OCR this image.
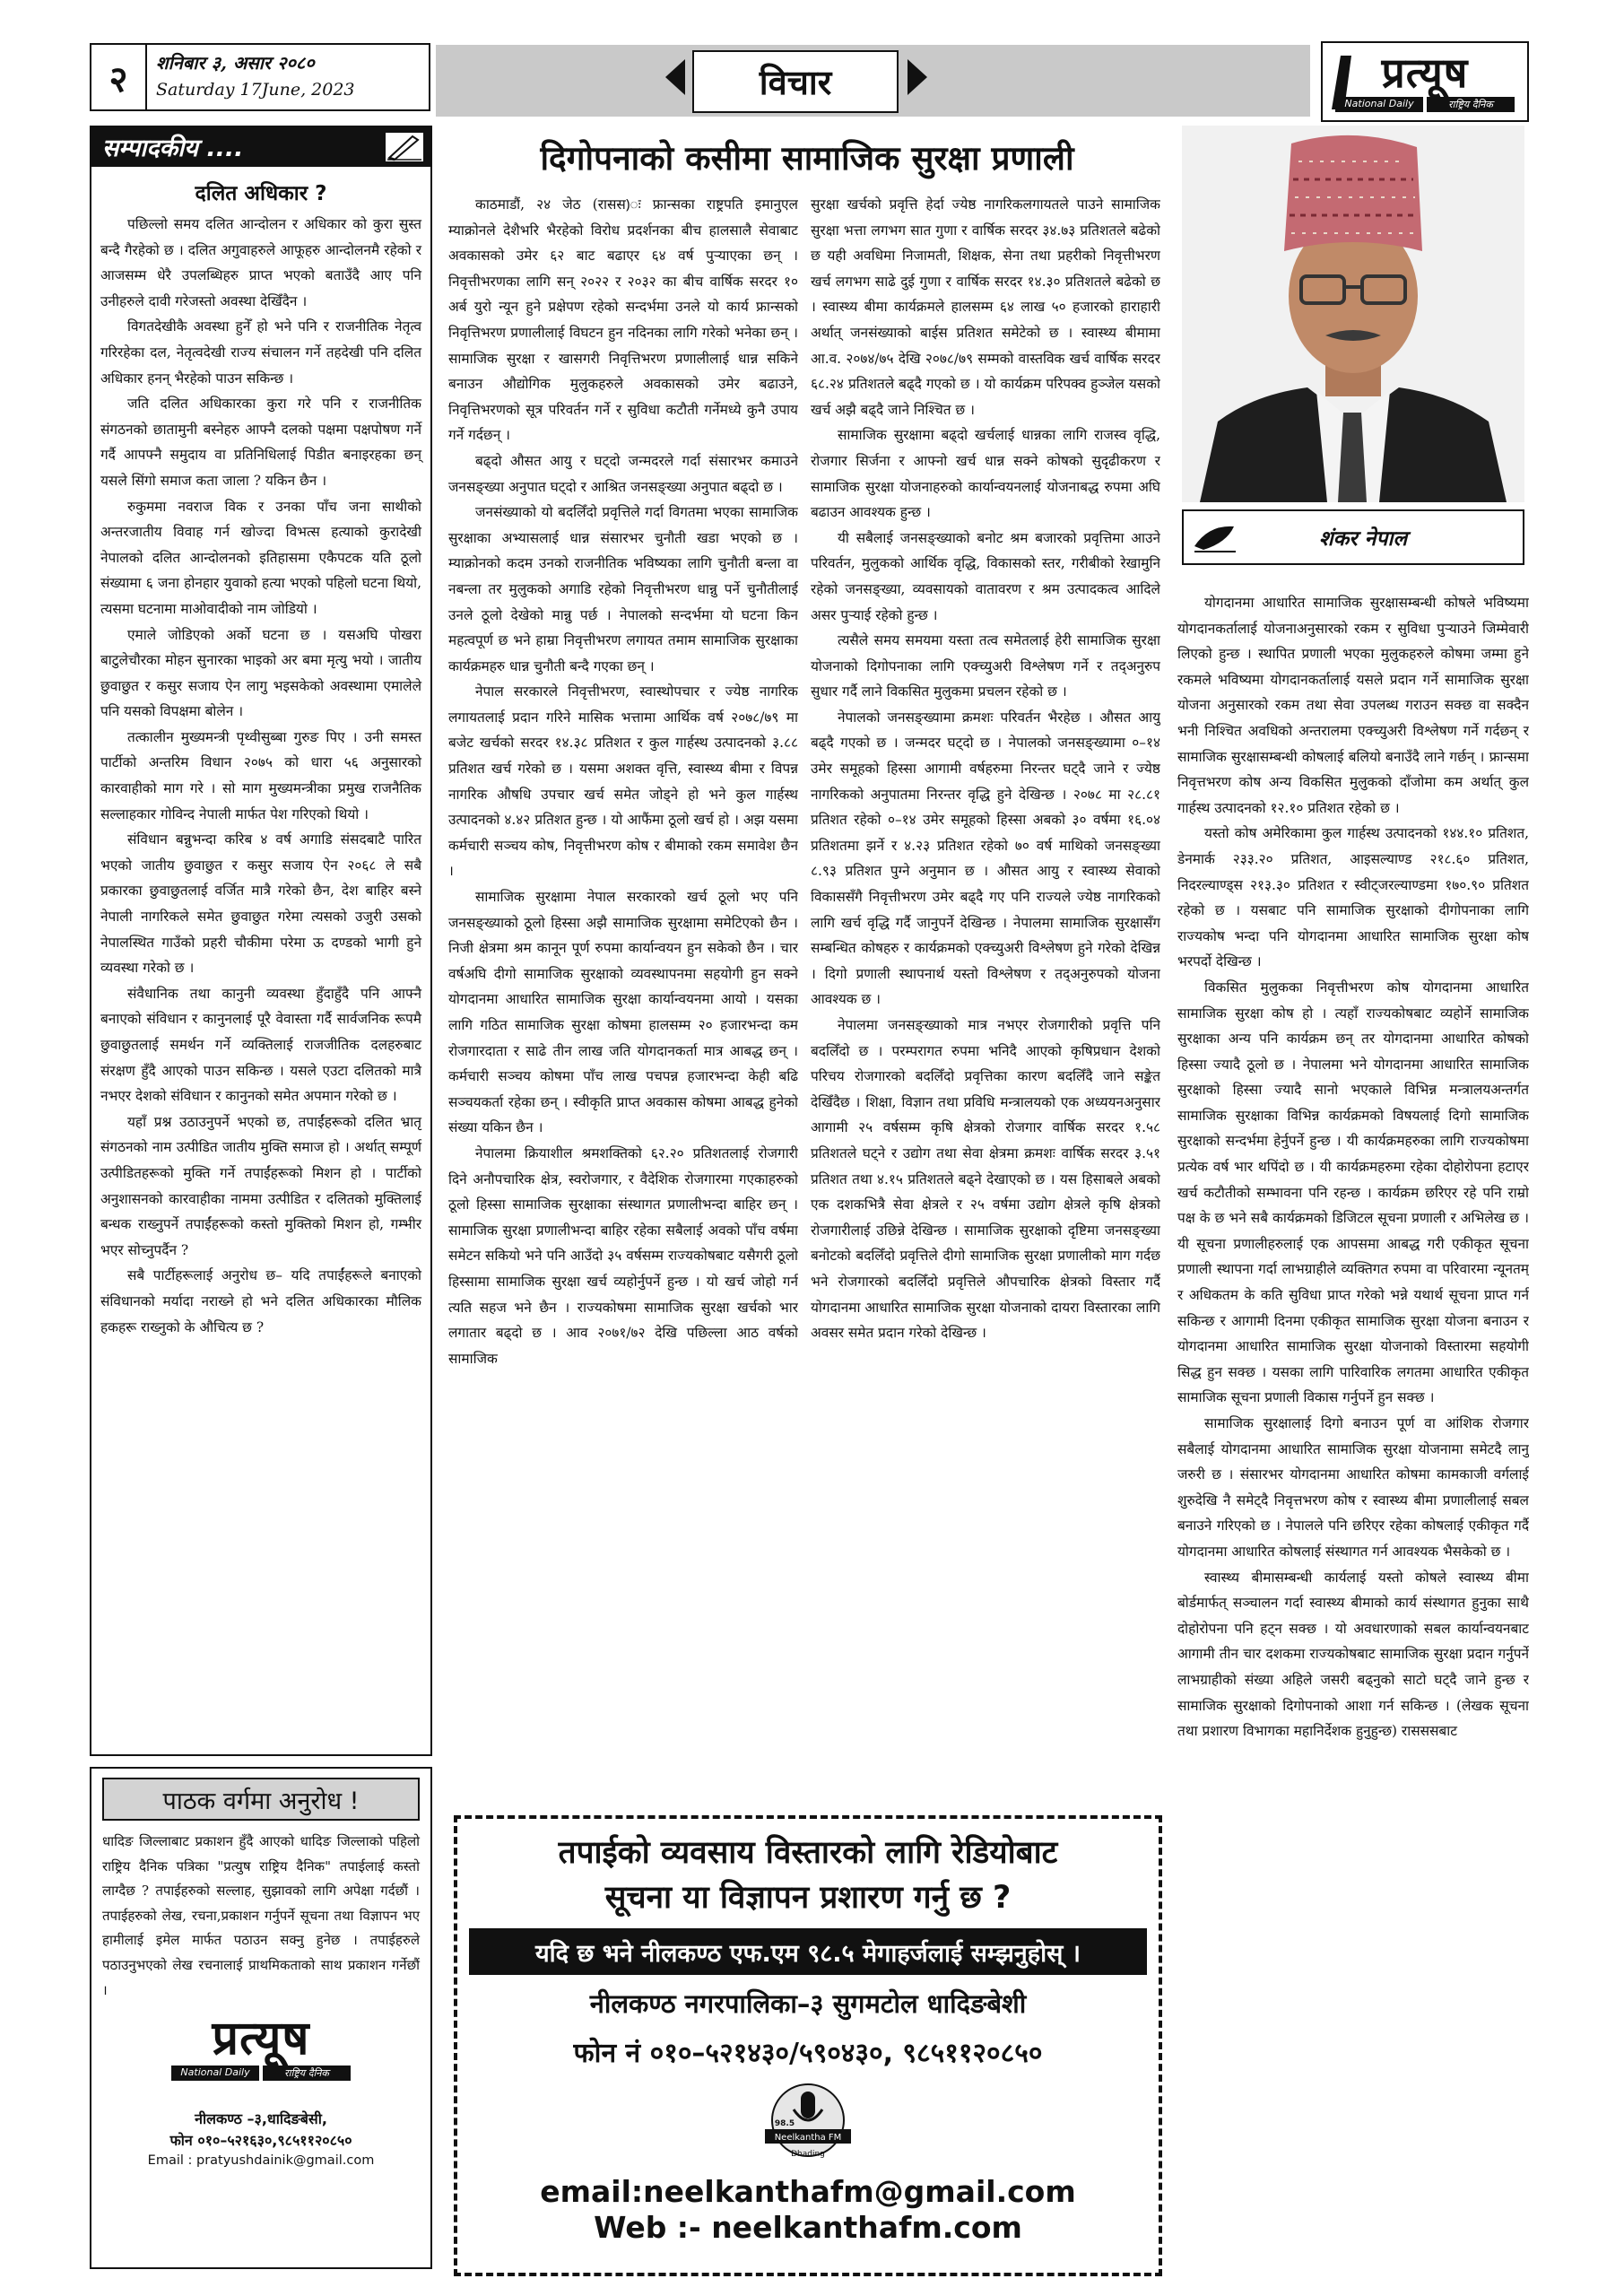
२	शनिबार ३, असार २०८०
Saturday 17June, 2023	विचार	प्रत्यूष
National Daily	राष्ट्रिय दैनिक
सम्पादकीय ....
दलित अधिकार ?

पछिल्लो समय दलित आन्दोलन र अधिकार को कुरा सुस्त बन्दै गैरहेको छ । दलित अगुवाहरुले आफूहरु आन्दोलनमै रहेको र आजसम्म धेरै उपलब्धिहरु प्राप्त भएको बताउँदै आए पनि उनीहरुले दावी गरेजस्तो अवस्था देखिँदैन ।

विगतदेखीकै अवस्था हुनेँ हो भने पनि र राजनीतिक नेतृत्व गरिरहेका दल, नेतृत्वदेखी राज्य संचालन गर्ने तहदेखी पनि दलित अधिकार हनन् भैरहेको पाउन सकिन्छ ।

जति दलित अधिकारका कुरा गरे पनि र राजनीतिक संगठनको छातामुनी बस्नेहरु आफ्नै दलको पक्षमा पक्षपोषण गर्ने गर्दै आपफ्नै समुदाय वा प्रतिनिधिलाई पिडीत बनाइरहका छन् यसले सिंगो समाज कता जाला ? यकिन छैन ।

रुकुममा नवराज विक र उनका पाँच जना साथीको अन्तरजातीय विवाह गर्न खोज्दा विभत्स हत्याको कुरादेखी नेपालको दलित आन्दोलनको इतिहासमा एकैपटक यति ठूलो संख्यामा ६ जना होनहार युवाको हत्या भएको पहिलो घटना थियो, त्यसमा घटनामा माओवादीको नाम जोडियो ।

एमाले जोडिएको अर्को घटना छ । यसअघि पोखरा बाटुलेचौरका मोहन सुनारका भाइको अर बमा मृत्यु भयो । जातीय छुवाछुत र कसुर सजाय ऐन लागु भइसकेको अवस्थामा एमालेले पनि यसको विपक्षमा बोलेन ।

तत्कालीन मुख्यमन्त्री पृथ्वीसुब्बा गुरुङ पिए । उनी समस्त पार्टीको अन्तरिम विधान २०७५ को धारा ५६ अनुसारको कारवाहीको माग गरे । सो माग मुख्यमन्त्रीका प्रमुख राजनैतिक सल्लाहकार गोविन्द नेपाली मार्फत पेश गरिएको थियो ।

संविधान बन्नुभन्दा करिब ४ वर्ष अगाडि संसदबाटै पारित भएको जातीय छुवाछुत र कसुर सजाय ऐन २०६८ ले सबै प्रकारका छुवाछुतलाई वर्जित मात्रै गरेको छैन, देश बाहिर बस्ने नेपाली नागरिकले समेत छुवाछुत गरेमा त्यसको उजुरी उसको नेपालस्थित गाउँको प्रहरी चौकीमा परेमा ऊ दण्डको भागी हुने व्यवस्था गरेको छ ।

संवैधानिक तथा कानुनी व्यवस्था हुँदाहुँदै पनि आफ्नै बनाएको संविधान र कानुनलाई पूरै वेवास्ता गर्दै सार्वजनिक रूपमै छुवाछुतलाई समर्थन गर्ने व्यक्तिलाई राजजीतिक दलहरुबाट संरक्षण हुँदै आएको पाउन सकिन्छ । यसले एउटा दलितको मात्रै नभएर देशको संविधान र कानुनको समेत अपमान गरेको छ ।

यहाँ प्रश्न उठाउनुपर्ने भएको छ, तपाईंहरूको दलित भ्रातृ संगठनको नाम उत्पीडित जातीय मुक्ति समाज हो । अर्थात् सम्पूर्ण उत्पीडितहरूको मुक्ति गर्ने तपाईंहरूको मिशन हो । पार्टीको अनुशासनको कारवाहीका नाममा उत्पीडित र दलितको मुक्तिलाई बन्धक राख्नुपर्ने तपाईंहरूको कस्तो मुक्तिको मिशन हो, गम्भीर भएर सोच्नुपर्दैन ?

सबै पार्टीहरूलाई अनुरोध छ– यदि तपाईंहरूले बनाएको संविधानको मर्यादा नराख्ने हो भने दलित अधिकारका मौलिक हकहरू राख्नुको के औचित्य छ ?

पाठक वर्गमा अनुरोध !
धादिङ जिल्लाबाट प्रकाशन हुँदै आएको धादिङ जिल्लाको पहिलो राष्ट्रिय दैनिक पत्रिका "प्रत्युष राष्ट्रिय दैनिक" तपाईलाई कस्तो लाग्दैछ ? तपाईहरुको सल्लाह, सुझावको लागि अपेक्षा गर्दछौं । तपाईहरुको लेख, रचना,प्रकाशन गर्नुपर्ने सूचना तथा विज्ञापन भए हामीलाई इमेल मार्फत पठाउन सक्नु हुनेछ । तपाईहरुले पठाउनुभएको लेख रचनालाई प्राथमिकताको साथ प्रकाशन गर्नेछौं ।
प्रत्यूष
National Daily	राष्ट्रिय दैनिक
नीलकण्ठ –३,धादिङबेसी,
फोन ०१०–५२१६३०,९८५११२०८५०
Email : pratyushdainik@gmail.com
दिगोपनाको कसीमा सामाजिक सुरक्षा प्रणाली

काठमाडौं, २४ जेठ (रासस)ः फ्रान्सका राष्ट्रपति इमानुएल म्याक्रोनले देशैभरि भैरहेको विरोध प्रदर्शनका बीच हालसालै सेवाबाट अवकासको उमेर ६२ बाट बढाएर ६४ वर्ष पुऱ्याएका छन् । निवृत्तीभरणका लागि सन् २०२२ र २०३२ का बीच वार्षिक सरदर १० अर्ब युरो न्यून हुने प्रक्षेपण रहेको सन्दर्भमा उनले यो कार्य फ्रान्सको निवृत्तिभरण प्रणालीलाई विघटन हुन नदिनका लागि गरेको भनेका छन् । सामाजिक सुरक्षा र खासगरी निवृत्तिभरण प्रणालीलाई धान्न सकिने बनाउन औद्योगिक मुलुकहरुले अवकासको उमेर बढाउने, निवृत्तिभरणको सूत्र परिवर्तन गर्ने र सुविधा कटौती गर्नेमध्ये कुनै उपाय गर्ने गर्दछन् ।

बढ्दो औसत आयु र घट्दो जन्मदरले गर्दा संसारभर कमाउने जनसङ्ख्या अनुपात घट्दो र आश्रित जनसङ्ख्या अनुपात बढ्दो छ ।

जनसंख्याको यो बदलिँदो प्रवृत्तिले गर्दा विगतमा भएका सामाजिक सुरक्षाका अभ्यासलाई धान्न संसारभर चुनौती खडा भएको छ । म्याक्रोनको कदम उनको राजनीतिक भविष्यका लागि चुनौती बन्ला वा नबन्ला तर मुलुकको अगाडि रहेको निवृत्तीभरण धान्नु पर्ने चुनौतीलाई उनले ठूलो देखेको मान्नु पर्छ । नेपालको सन्दर्भमा यो घटना किन महत्वपूर्ण छ भने हाम्रा निवृत्तीभरण लगायत तमाम सामाजिक सुरक्षाका कार्यक्रमहरु धान्न चुनौती बन्दै गएका छन् ।

नेपाल सरकारले निवृत्तीभरण, स्वास्थोपचार र ज्येष्ठ नागरिक लगायतलाई प्रदान गरिने मासिक भत्तामा आर्थिक वर्ष २०७८/७९ मा बजेट खर्चको सरदर १४.३८ प्रतिशत र कुल गार्हस्थ उत्पादनको ३.८८ प्रतिशत खर्च गरेको छ । यसमा अशक्त वृत्ति, स्वास्थ्य बीमा र विपन्न नागरिक औषधि उपचार खर्च समेत जोड्ने हो भने कुल गार्हस्थ उत्पादनको ४.४२ प्रतिशत हुन्छ । यो आफैंमा ठूलो खर्च हो । अझ यसमा कर्मचारी सञ्चय कोष, निवृत्तीभरण कोष र बीमाको रकम समावेश छैन ।

सामाजिक सुरक्षामा नेपाल सरकारको खर्च ठूलो भए पनि जनसङ्ख्याको ठूलो हिस्सा अझै सामाजिक सुरक्षामा समेटिएको छैन । निजी क्षेत्रमा श्रम कानून पूर्ण रुपमा कार्यान्वयन हुन सकेको छैन । चार वर्षअघि दीगो सामाजिक सुरक्षाको व्यवस्थापनमा सहयोगी हुन सक्ने योगदानमा आधारित सामाजिक सुरक्षा कार्यान्वयनमा आयो । यसका लागि गठित सामाजिक सुरक्षा कोषमा हालसम्म २० हजारभन्दा कम रोजगारदाता र साढे तीन लाख जति योगदानकर्ता मात्र आबद्ध छन् । कर्मचारी सञ्चय कोषमा पाँच लाख पचपन्न हजारभन्दा केही बढि सञ्चयकर्ता रहेका छन् । स्वीकृति प्राप्त अवकास कोषमा आबद्ध हुनेको संख्या यकिन छैन ।

नेपालमा क्रियाशील श्रमशक्तिको ६२.२० प्रतिशतलाई रोजगारी दिने अनौपचारिक क्षेत्र, स्वरोजगार, र वैदेशिक रोजगारमा गएकाहरुको ठूलो हिस्सा सामाजिक सुरक्षाका संस्थागत प्रणालीभन्दा बाहिर छन् । सामाजिक सुरक्षा प्रणालीभन्दा बाहिर रहेका सबैलाई अवको पाँच वर्षमा समेटन सकियो भने पनि आउँदो ३५ वर्षसम्म राज्यकोषबाट यसैगरी ठूलो हिस्सामा सामाजिक सुरक्षा खर्च व्यहोर्नुपर्ने हुन्छ । यो खर्च जोहो गर्न त्यति सहज भने छैन । राज्यकोषमा सामाजिक सुरक्षा खर्चको भार लगातार बढ्दो छ । आव २०७१/७२ देखि पछिल्ला आठ वर्षको सामाजिक

सुरक्षा खर्चको प्रवृत्ति हेर्दा ज्येष्ठ नागरिकलगायतले पाउने सामाजिक सुरक्षा भत्ता लगभग सात गुणा र वार्षिक सरदर ३४.७३ प्रतिशतले बढेको छ यही अवधिमा निजामती, शिक्षक, सेना तथा प्रहरीको निवृत्तीभरण खर्च लगभग साढे दुई गुणा र वार्षिक सरदर १४.३० प्रतिशतले बढेको छ । स्वास्थ्य बीमा कार्यक्रमले हालसम्म ६४ लाख ५० हजारको हाराहारी अर्थात् जनसंख्याको बाईस प्रतिशत समेटेको छ । स्वास्थ्य बीमामा आ.व. २०७४/७५ देखि २०७८/७९ सम्मको वास्तविक खर्च वार्षिक सरदर ६८.२४ प्रतिशतले बढ्दै गएको छ । यो कार्यक्रम परिपक्व हुञ्जेल यसको खर्च अझै बढ्दै जाने निश्चित छ ।

सामाजिक सुरक्षामा बढ्दो खर्चलाई धान्नका लागि राजस्व वृद्धि, रोजगार सिर्जना र आफ्नो खर्च धान्न सक्ने कोषको सुदृढीकरण र सामाजिक सुरक्षा योजनाहरुको कार्यान्वयनलाई योजनाबद्ध रुपमा अघि बढाउन आवश्यक हुन्छ ।

यी सबैलाई जनसङ्ख्याको बनोट श्रम बजारको प्रवृत्तिमा आउने परिवर्तन, मुलुकको आर्थिक वृद्धि, विकासको स्तर, गरीबीको रेखामुनि रहेको जनसङ्ख्या, व्यवसायको वातावरण र श्रम उत्पादकत्व आदिले असर पुऱ्याई रहेको हुन्छ ।

त्यसैले समय समयमा यस्ता तत्व समेतलाई हेरी सामाजिक सुरक्षा योजनाको दिगोपनाका लागि एक्च्युअरी विश्लेषण गर्ने र तद्अनुरुप सुधार गर्दै लाने विकसित मुलुकमा प्रचलन रहेको छ ।

नेपालको जनसङ्ख्यामा क्रमशः परिवर्तन भैरहेछ । औसत आयु बढ्दै गएको छ । जन्मदर घट्दो छ । नेपालको जनसङ्ख्यामा ०–१४ उमेर समूहको हिस्सा आगामी वर्षहरुमा निरन्तर घट्दै जाने र ज्येष्ठ नागरिकको अनुपातमा निरन्तर वृद्धि हुने देखिन्छ । २०७८ मा २८.८१ प्रतिशत रहेको ०–१४ उमेर समूहको हिस्सा अबको ३० वर्षमा १६.०४ प्रतिशतमा झर्ने र ४.२३ प्रतिशत रहेको ७० वर्ष माथिको जनसङ्ख्या ८.९३ प्रतिशत पुग्ने अनुमान छ । औसत आयु र स्वास्थ्य सेवाको विकाससँगै निवृत्तीभरण उमेर बढ्दै गए पनि राज्यले ज्येष्ठ नागरिकको लागि खर्च वृद्धि गर्दै जानुपर्ने देखिन्छ । नेपालमा सामाजिक सुरक्षासँग सम्बन्धित कोषहरु र कार्यक्रमको एक्च्युअरी विश्लेषण हुने गरेको देखिन्न । दिगो प्रणाली स्थापनार्थ यस्तो विश्लेषण र तद्अनुरुपको योजना आवश्यक छ ।

नेपालमा जनसङ्ख्याको मात्र नभएर रोजगारीको प्रवृत्ति पनि बदलिँदो छ । परम्परागत रुपमा भनिदै आएको कृषिप्रधान देशको परिचय रोजगारको बदलिँदो प्रवृत्तिका कारण बदलिँदै जाने सङ्केत देखिँदैछ । शिक्षा, विज्ञान तथा प्रविधि मन्त्रालयको एक अध्ययनअनुसार आगामी २५ वर्षसम्म कृषि क्षेत्रको रोजगार वार्षिक सरदर १.५८ प्रतिशतले घट्ने र उद्योग तथा सेवा क्षेत्रमा क्रमशः वार्षिक सरदर ३.५१ प्रतिशत तथा ४.१५ प्रतिशतले बढ्ने देखाएको छ । यस हिसाबले अबको एक दशकभित्रै सेवा क्षेत्रले र २५ वर्षमा उद्योग क्षेत्रले कृषि क्षेत्रको रोजगारीलाई उछिन्ने देखिन्छ । सामाजिक सुरक्षाको दृष्टिमा जनसङ्ख्या बनोटको बदलिँदो प्रवृत्तिले दीगो सामाजिक सुरक्षा प्रणालीको माग गर्दछ भने रोजगारको बदलिँदो प्रवृत्तिले औपचारिक क्षेत्रको विस्तार गर्दै योगदानमा आधारित सामाजिक सुरक्षा योजनाको दायरा विस्तारका लागि अवसर समेत प्रदान गरेको देखिन्छ ।

योगदानमा आधारित सामाजिक सुरक्षासम्बन्धी कोषले भविष्यमा योगदानकर्तालाई योजनाअनुसारको रकम र सुविधा पुऱ्याउने जिम्मेवारी लिएको हुन्छ । स्थापित प्रणाली भएका मुलुकहरुले कोषमा जम्मा हुने रकमले भविष्यमा योगदानकर्तालाई यसले प्रदान गर्ने सामाजिक सुरक्षा योजना अनुसारको रकम तथा सेवा उपलब्ध गराउन सक्छ वा सक्दैन भनी निश्चित अवधिको अन्तरालमा एक्च्युअरी विश्लेषण गर्ने गर्दछन् र सामाजिक सुरक्षासम्बन्धी कोषलाई बलियो बनाउँदै लाने गर्छन् । फ्रान्समा निवृत्तभरण कोष अन्य विकसित मुलुकको दाँजोमा कम अर्थात् कुल गार्हस्थ उत्पादनको १२.१० प्रतिशत रहेको छ ।

यस्तो कोष अमेरिकामा कुल गार्हस्थ उत्पादनको १४४.१० प्रतिशत, डेनमार्क २३३.२० प्रतिशत, आइसल्याण्ड २१८.६० प्रतिशत, निदरल्याण्ड्स २१३.३० प्रतिशत र स्वीट्जरल्याण्डमा १७०.९० प्रतिशत रहेको छ । यसबाट पनि सामाजिक सुरक्षाको दीगोपनाका लागि राज्यकोष भन्दा पनि योगदानमा आधारित सामाजिक सुरक्षा कोष भरपर्दो देखिन्छ ।

विकसित मुलुकका निवृत्तीभरण कोष योगदानमा आधारित सामाजिक सुरक्षा कोष हो । त्यहाँ राज्यकोषबाट व्यहोर्ने सामाजिक सुरक्षाका अन्य पनि कार्यक्रम छन् तर योगदानमा आधारित कोषको हिस्सा ज्यादै ठूलो छ । नेपालमा भने योगदानमा आधारित सामाजिक सुरक्षाको हिस्सा ज्यादै सानो भएकाले विभिन्न मन्त्रालयअन्तर्गत सामाजिक सुरक्षाका विभिन्न कार्यक्रमको विषयलाई दिगो सामाजिक सुरक्षाको सन्दर्भमा हेर्नुपर्ने हुन्छ । यी कार्यक्रमहरुका लागि राज्यकोषमा प्रत्येक वर्ष भार थपिंदो छ । यी कार्यक्रमहरुमा रहेका दोहोरोपना हटाएर खर्च कटौतीको सम्भावना पनि रहन्छ । कार्यक्रम छरिएर रहे पनि राम्रो पक्ष के छ भने सबै कार्यक्रमको डिजिटल सूचना प्रणाली र अभिलेख छ । यी सूचना प्रणालीहरुलाई एक आपसमा आबद्ध गरी एकीकृत सूचना प्रणाली स्थापना गर्दा लाभग्राहीले व्यक्तिगत रुपमा वा परिवारमा न्यूनतम् र अधिकतम के कति सुविधा प्राप्त गरेको भन्ने यथार्थ सूचना प्राप्त गर्न सकिन्छ र आगामी दिनमा एकीकृत सामाजिक सुरक्षा योजना बनाउन र योगदानमा आधारित सामाजिक सुरक्षा योजनाको विस्तारमा सहयोगी सिद्ध हुन सक्छ । यसका लागि पारिवारिक लगतमा आधारित एकीकृत सामाजिक सूचना प्रणाली विकास गर्नुपर्ने हुन सक्छ ।

सामाजिक सुरक्षालाई दिगो बनाउन पूर्ण वा आंशिक रोजगार सबैलाई योगदानमा आधारित सामाजिक सुरक्षा योजनामा समेटदै लानु जरुरी छ । संसारभर योगदानमा आधारित कोषमा कामकाजी वर्गलाई शुरुदेखि नै समेट्दै निवृत्तभरण कोष र स्वास्थ्य बीमा प्रणालीलाई सबल बनाउने गरिएको छ । नेपालले पनि छरिएर रहेका कोषलाई एकीकृत गर्दै योगदानमा आधारित कोषलाई संस्थागत गर्न आवश्यक भैसकेको छ ।

स्वास्थ्य बीमासम्बन्धी कार्यलाई यस्तो कोषले स्वास्थ्य बीमा बोर्डमार्फत् सञ्चालन गर्दा स्वास्थ्य बीमाको कार्य संस्थागत हुनुका साथै दोहोरोपना पनि हट्न सक्छ । यो अवधारणाको सबल कार्यान्वयनबाट आगामी तीन चार दशकमा राज्यकोषबाट सामाजिक सुरक्षा प्रदान गर्नुपर्ने लाभग्राहीको संख्या अहिले जसरी बढ्नुको साटो घट्दै जाने हुन्छ र सामाजिक सुरक्षाको दिगोपनाको आशा गर्न सकिन्छ । (लेखक सूचना तथा प्रशारण विभागका महानिर्देशक हुनुहुन्छ) रासससबाट

शंकर नेपाल
तपाईको व्यवसाय विस्तारको लागि रेडियोबाट
सूचना या विज्ञापन प्रशारण गर्नु छ ?
यदि छ भने नीलकण्ठ एफ.एम ९८.५ मेगाहर्जलाई सम्झनुहोस् ।
नीलकण्ठ नगरपालिका–३ सुगमटोल धादिङबेशी
फोन नं ०१०–५२१४३०/५९०४३०, ९८५११२०८५०
Neelkantha FM
98.5
Dhading
email:neelkanthafm@gmail.com
Web :- neelkanthafm.com
